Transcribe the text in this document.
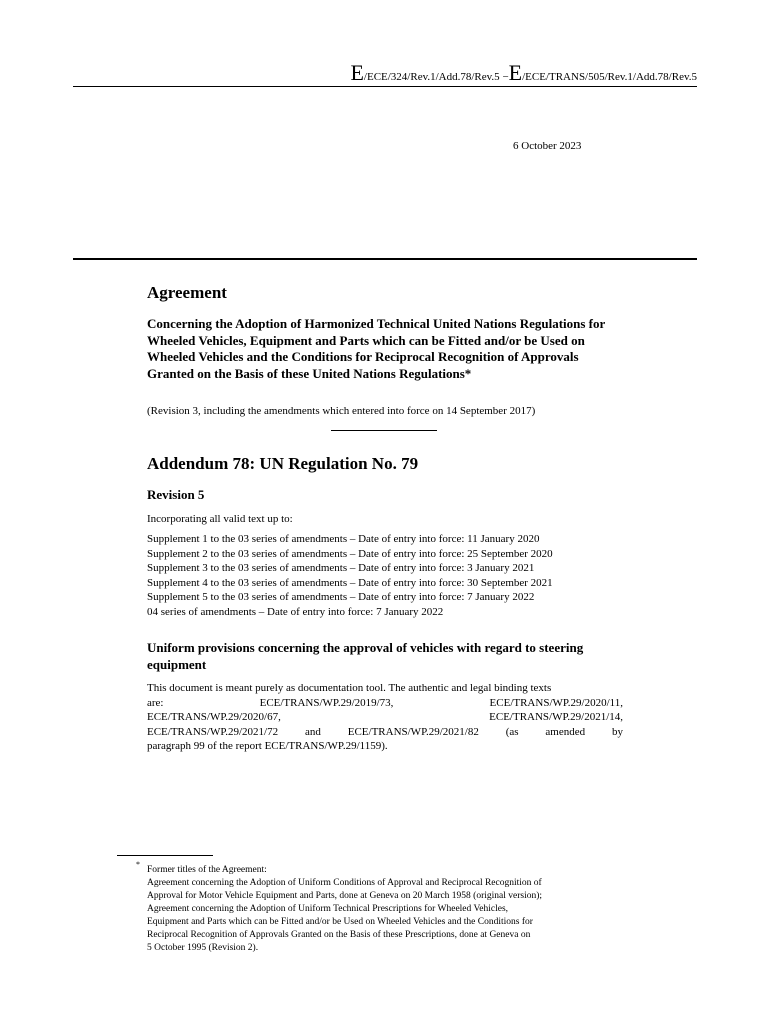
E/ECE/324/Rev.1/Add.78/Rev.5 −E/ECE/TRANS/505/Rev.1/Add.78/Rev.5
6 October 2023
Agreement
Concerning the Adoption of Harmonized Technical United Nations Regulations for Wheeled Vehicles, Equipment and Parts which can be Fitted and/or be Used on Wheeled Vehicles and the Conditions for Reciprocal Recognition of Approvals Granted on the Basis of these United Nations Regulations*
(Revision 3, including the amendments which entered into force on 14 September 2017)
Addendum 78: UN Regulation No. 79
Revision 5
Incorporating all valid text up to:
Supplement 1 to the 03 series of amendments – Date of entry into force: 11 January 2020
Supplement 2 to the 03 series of amendments – Date of entry into force: 25 September 2020
Supplement 3 to the 03 series of amendments – Date of entry into force: 3 January 2021
Supplement 4 to the 03 series of amendments – Date of entry into force: 30 September 2021
Supplement 5 to the 03 series of amendments – Date of entry into force: 7 January 2022
04 series of amendments – Date of entry into force: 7 January 2022
Uniform provisions concerning the approval of vehicles with regard to steering equipment
This document is meant purely as documentation tool. The authentic and legal binding texts
are:	ECE/TRANS/WP.29/2019/73,	ECE/TRANS/WP.29/2020/11,
ECE/TRANS/WP.29/2020/67,	ECE/TRANS/WP.29/2021/14,
ECE/TRANS/WP.29/2021/72 and ECE/TRANS/WP.29/2021/82 (as amended by
paragraph 99 of the report ECE/TRANS/WP.29/1159).
*
Former titles of the Agreement:
Agreement concerning the Adoption of Uniform Conditions of Approval and Reciprocal Recognition of
Approval for Motor Vehicle Equipment and Parts, done at Geneva on 20 March 1958 (original version);
Agreement concerning the Adoption of Uniform Technical Prescriptions for Wheeled Vehicles,
Equipment and Parts which can be Fitted and/or be Used on Wheeled Vehicles and the Conditions for
Reciprocal Recognition of Approvals Granted on the Basis of these Prescriptions, done at Geneva on
5 October 1995 (Revision 2).
